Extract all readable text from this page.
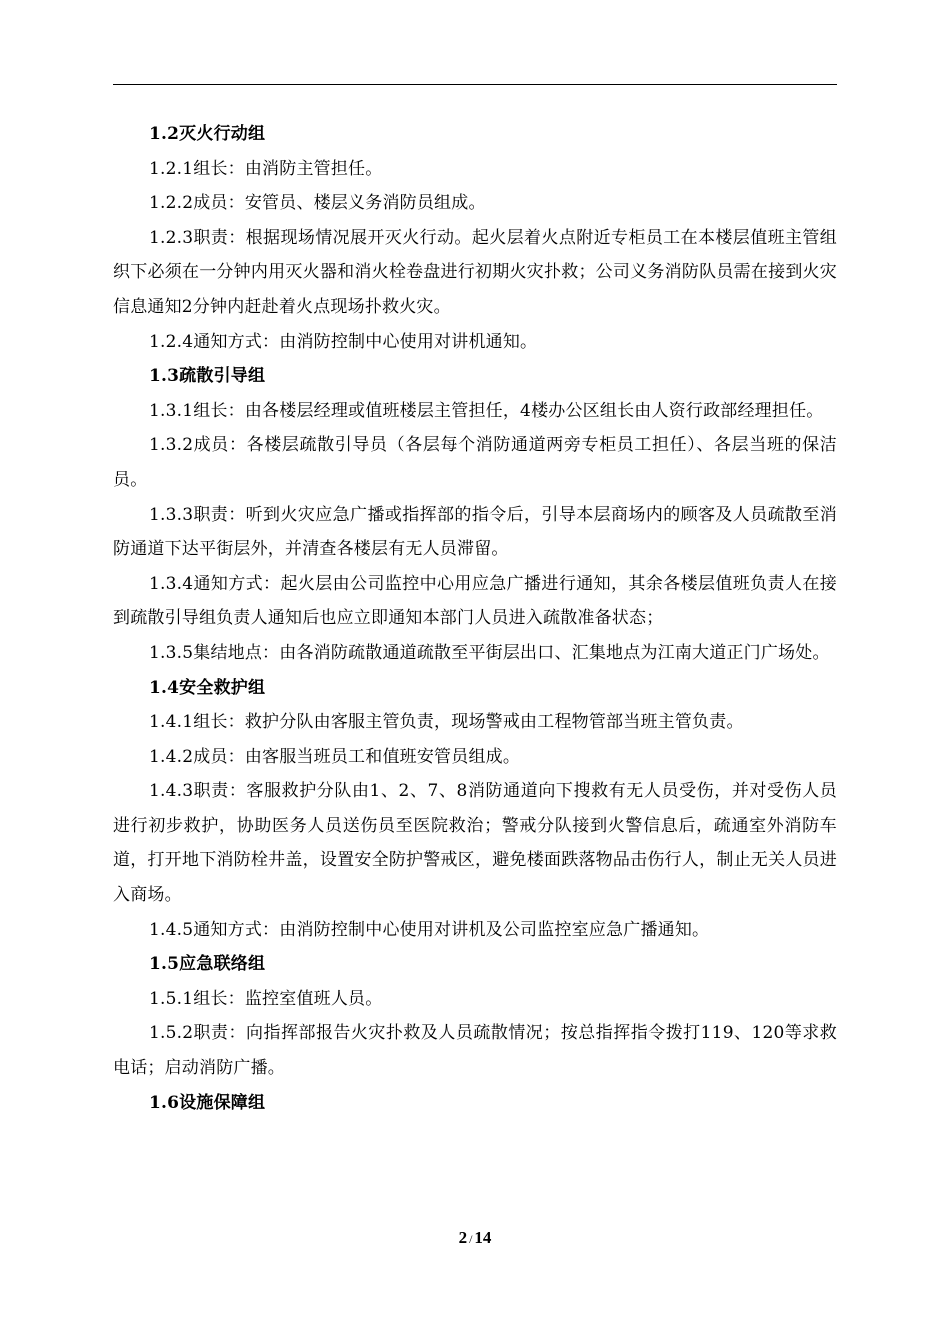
1.2灭火行动组

1.2.1组长：由消防主管担任。

1.2.2成员：安管员、楼层义务消防员组成。

1.2.3职责：根据现场情况展开灭火行动。起火层着火点附近专柜员工在本楼层值班主管组织下必须在一分钟内用灭火器和消火栓卷盘进行初期火灾扑救；公司义务消防队员需在接到火灾信息通知2分钟内赶赴着火点现场扑救火灾。

1.2.4通知方式：由消防控制中心使用对讲机通知。

1.3疏散引导组

1.3.1组长：由各楼层经理或值班楼层主管担任，4楼办公区组长由人资行政部经理担任。

1.3.2成员：各楼层疏散引导员（各层每个消防通道两旁专柜员工担任）、各层当班的保洁员。

1.3.3职责：听到火灾应急广播或指挥部的指令后，引导本层商场内的顾客及人员疏散至消防通道下达平街层外，并清查各楼层有无人员滞留。

1.3.4通知方式：起火层由公司监控中心用应急广播进行通知，其余各楼层值班负责人在接到疏散引导组负责人通知后也应立即通知本部门人员进入疏散准备状态；

1.3.5集结地点：由各消防疏散通道疏散至平街层出口、汇集地点为江南大道正门广场处。

1.4安全救护组

1.4.1组长：救护分队由客服主管负责，现场警戒由工程物管部当班主管负责。

1.4.2成员：由客服当班员工和值班安管员组成。

1.4.3职责：客服救护分队由1、2、7、8消防通道向下搜救有无人员受伤，并对受伤人员进行初步救护，协助医务人员送伤员至医院救治；警戒分队接到火警信息后，疏通室外消防车道，打开地下消防栓井盖，设置安全防护警戒区，避免楼面跌落物品击伤行人，制止无关人员进入商场。

1.4.5通知方式：由消防控制中心使用对讲机及公司监控室应急广播通知。

1.5应急联络组

1.5.1组长：监控室值班人员。

1.5.2职责：向指挥部报告火灾扑救及人员疏散情况；按总指挥指令拨打119、120等求救电话；启动消防广播。

1.6设施保障组

2 / 14
